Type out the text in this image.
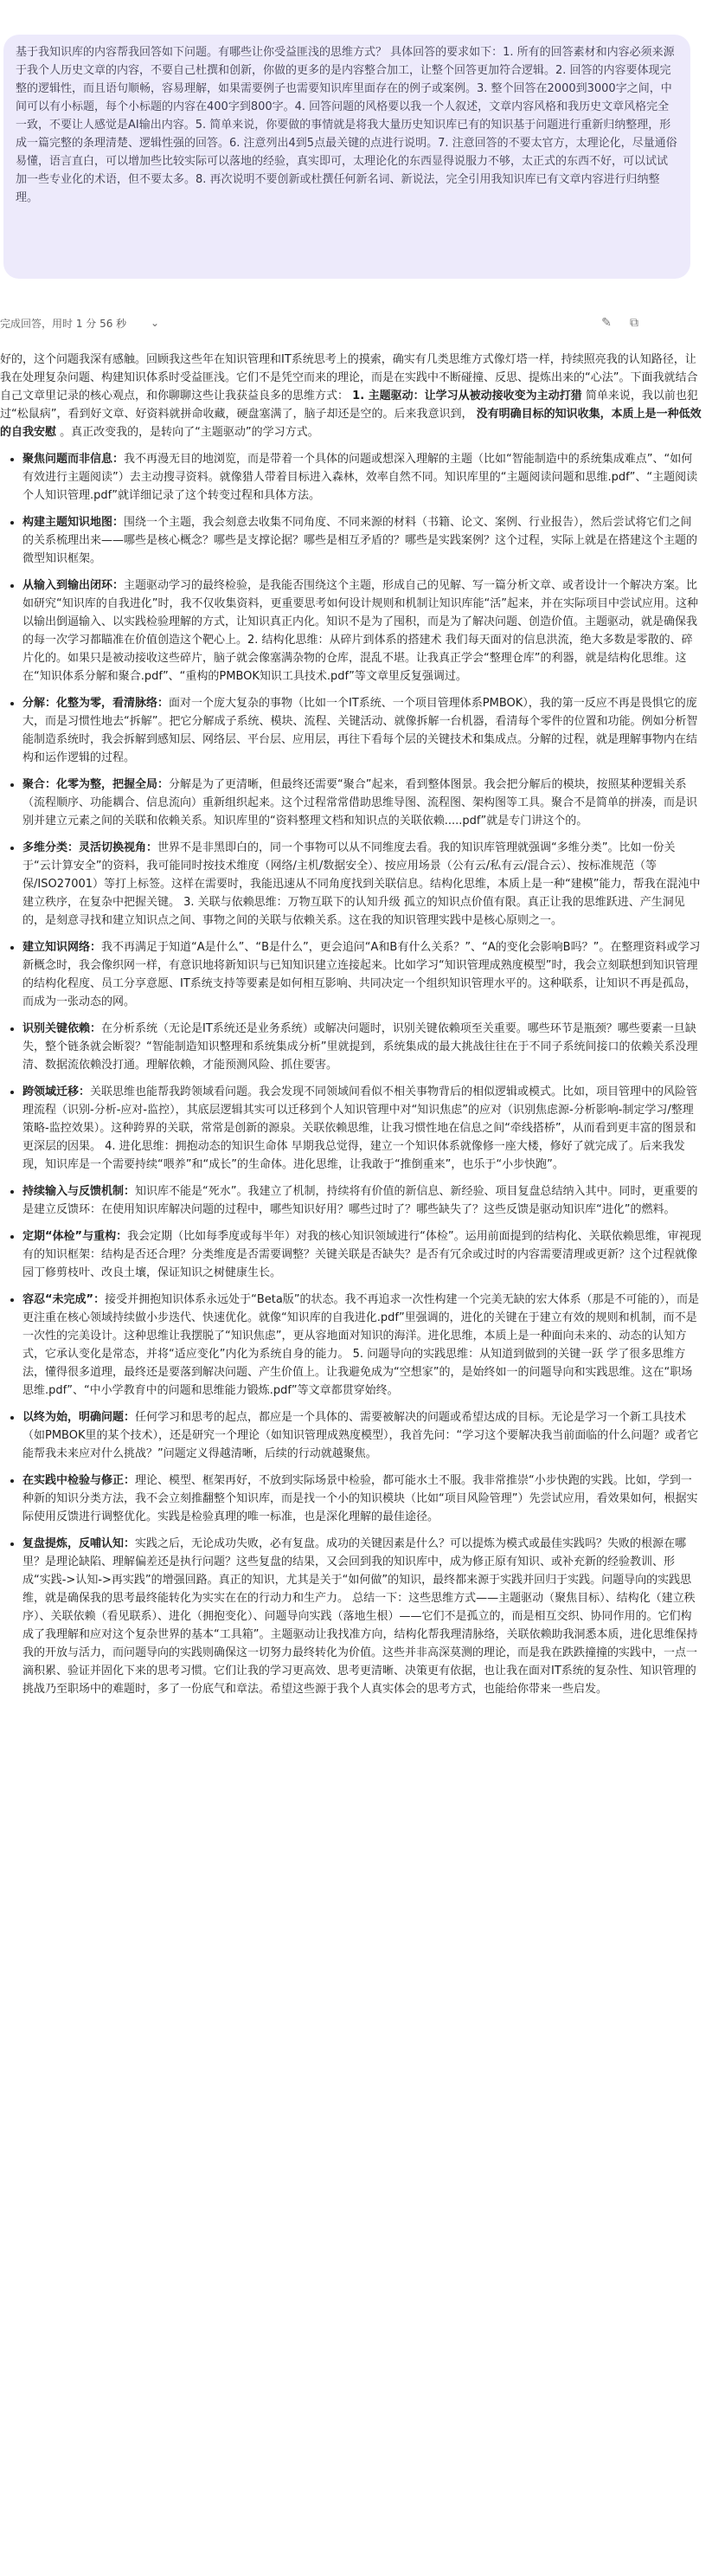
基于我知识库的内容帮我回答如下问题。有哪些让你受益匪浅的思维方式？ 具体回答的要求如下：1. 所有的回答素材和内容必须来源于我个人历史文章的内容，不要自己杜撰和创新，你做的更多的是内容整合加工，让整个回答更加符合逻辑。2. 回答的内容要体现完整的逻辑性，而且语句顺畅，容易理解，如果需要例子也需要知识库里面存在的例子或案例。3. 整个回答在2000到3000字之间，中间可以有小标题，每个小标题的内容在400字到800字。4. 回答问题的风格要以我一个人叙述，文章内容风格和我历史文章风格完全一致，不要让人感觉是AI输出内容。5. 简单来说，你要做的事情就是将我大量历史知识库已有的知识基于问题进行重新归纳整理，形成一篇完整的条理清楚、逻辑性强的回答。6. 注意列出4到5点最关键的点进行说明。7. 注意回答的不要太官方，太理论化，尽量通俗易懂，语言直白，可以增加些比较实际可以落地的经验，真实即可，太理论化的东西显得说服力不够，太正式的东西不好，可以试试加一些专业化的术语，但不要太多。8. 再次说明不要创新或杜撰任何新名词、新说法，完全引用我知识库已有文章内容进行归纳整理。
完成回答，用时 1 分 56 秒 ⌄	✎	⧉

好的，这个问题我深有感触。回顾我这些年在知识管理和IT系统思考上的摸索，确实有几类思维方式像灯塔一样，持续照亮我的认知路径，让我在处理复杂问题、构建知识体系时受益匪浅。它们不是凭空而来的理论，而是在实践中不断碰撞、反思、提炼出来的“心法”。下面我就结合自己文章里记录的核心观点，和你聊聊这些让我获益良多的思维方式： 1. 主题驱动：让学习从被动接收变为主动打猎 简单来说，我以前也犯过“松鼠病”，看到好文章、好资料就拼命收藏，硬盘塞满了，脑子却还是空的。后来我意识到， 没有明确目标的知识收集，本质上是一种低效的自我安慰 。真正改变我的，是转向了“主题驱动”的学习方式。

• 聚焦问题而非信息：我不再漫无目的地浏览，而是带着一个具体的问题或想深入理解的主题（比如“智能制造中的系统集成难点”、“如何有效进行主题阅读”）去主动搜寻资料。就像猎人带着目标进入森林，效率自然不同。知识库里的“主题阅读问题和思维.pdf”、“主题阅读个人知识管理.pdf”就详细记录了这个转变过程和具体方法。
• 构建主题知识地图：围绕一个主题，我会刻意去收集不同角度、不同来源的材料（书籍、论文、案例、行业报告），然后尝试将它们之间的关系梳理出来——哪些是核心概念？哪些是支撑论据？哪些是相互矛盾的？哪些是实践案例？这个过程，实际上就是在搭建这个主题的微型知识框架。
• 从输入到输出闭环：主题驱动学习的最终检验，是我能否围绕这个主题，形成自己的见解、写一篇分析文章、或者设计一个解决方案。比如研究“知识库的自我进化”时，我不仅收集资料，更重要思考如何设计规则和机制让知识库能“活”起来，并在实际项目中尝试应用。这种以输出倒逼输入、以实践检验理解的方式，让知识真正内化。知识不是为了囤积，而是为了解决问题、创造价值。主题驱动，就是确保我的每一次学习都瞄准在价值创造这个靶心上。2. 结构化思维：从碎片到体系的搭建术 我们每天面对的信息洪流，绝大多数是零散的、碎片化的。如果只是被动接收这些碎片，脑子就会像塞满杂物的仓库，混乱不堪。让我真正学会“整理仓库”的利器，就是结构化思维。这在“知识体系分解和聚合.pdf”、“重构的PMBOK知识工具技术.pdf”等文章里反复强调过。
• 分解：化整为零，看清脉络：面对一个庞大复杂的事物（比如一个IT系统、一个项目管理体系PMBOK），我的第一反应不再是畏惧它的庞大，而是习惯性地去“拆解”。把它分解成子系统、模块、流程、关键活动、就像拆解一台机器，看清每个零件的位置和功能。例如分析智能制造系统时，我会拆解到感知层、网络层、平台层、应用层，再往下看每个层的关键技术和集成点。分解的过程，就是理解事物内在结构和运作逻辑的过程。
• 聚合：化零为整，把握全局：分解是为了更清晰，但最终还需要“聚合”起来，看到整体图景。我会把分解后的模块，按照某种逻辑关系（流程顺序、功能耦合、信息流向）重新组织起来。这个过程常常借助思维导图、流程图、架构图等工具。聚合不是简单的拼凑，而是识别并建立元素之间的关联和依赖关系。知识库里的“资料整理文档和知识点的关联依赖.....pdf”就是专门讲这个的。
• 多维分类：灵活切换视角：世界不是非黑即白的，同一个事物可以从不同维度去看。我的知识库管理就强调“多维分类”。比如一份关于“云计算安全”的资料，我可能同时按技术维度（网络/主机/数据安全）、按应用场景（公有云/私有云/混合云）、按标准规范（等保/ISO27001）等打上标签。这样在需要时，我能迅速从不同角度找到关联信息。结构化思维，本质上是一种“建模”能力，帮我在混沌中建立秩序，在复杂中把握关键。 3. 关联与依赖思维：万物互联下的认知升级 孤立的知识点价值有限。真正让我的思维跃进、产生洞见的，是刻意寻找和建立知识点之间、事物之间的关联与依赖关系。这在我的知识管理实践中是核心原则之一。
• 建立知识网络：我不再满足于知道“A是什么”、“B是什么”，更会追问“A和B有什么关系？”、“A的变化会影响B吗？”。在整理资料或学习新概念时，我会像织网一样，有意识地将新知识与已知知识建立连接起来。比如学习“知识管理成熟度模型”时，我会立刻联想到知识管理的结构化程度、员工分享意愿、IT系统支持等要素是如何相互影响、共同决定一个组织知识管理水平的。这种联系，让知识不再是孤岛，而成为一张动态的网。
• 识别关键依赖：在分析系统（无论是IT系统还是业务系统）或解决问题时，识别关键依赖项至关重要。哪些环节是瓶颈？哪些要素一旦缺失，整个链条就会断裂？“智能制造知识整理和系统集成分析”里就提到，系统集成的最大挑战往往在于不同子系统间接口的依赖关系没理清、数据流依赖没打通。理解依赖，才能预测风险、抓住要害。
• 跨领域迁移：关联思维也能帮我跨领域看问题。我会发现不同领域间看似不相关事物背后的相似逻辑或模式。比如，项目管理中的风险管理流程（识别-分析-应对-监控），其底层逻辑其实可以迁移到个人知识管理中对“知识焦虑”的应对（识别焦虑源-分析影响-制定学习/整理策略-监控效果）。这种跨界的关联，常常是创新的源泉。关联依赖思维，让我习惯性地在信息之间“牵线搭桥”，从而看到更丰富的图景和更深层的因果。 4. 进化思维：拥抱动态的知识生命体 早期我总觉得，建立一个知识体系就像修一座大楼，修好了就完成了。后来我发现，知识库是一个需要持续“喂养”和“成长”的生命体。进化思维，让我敢于“推倒重来”，也乐于“小步快跑”。
• 持续输入与反馈机制：知识库不能是“死水”。我建立了机制，持续将有价值的新信息、新经验、项目复盘总结纳入其中。同时，更重要的是建立反馈环：在使用知识库解决问题的过程中，哪些知识好用？哪些过时了？哪些缺失了？这些反馈是驱动知识库“进化”的燃料。
• 定期“体检”与重构：我会定期（比如每季度或每半年）对我的核心知识领域进行“体检”。运用前面提到的结构化、关联依赖思维，审视现有的知识框架：结构是否还合理？分类维度是否需要调整？关键关联是否缺失？是否有冗余或过时的内容需要清理或更新？这个过程就像园丁修剪枝叶、改良土壤，保证知识之树健康生长。
• 容忍“未完成”：接受并拥抱知识体系永远处于“Beta版”的状态。我不再追求一次性构建一个完美无缺的宏大体系（那是不可能的），而是更注重在核心领域持续做小步迭代、快速优化。就像“知识库的自我进化.pdf”里强调的，进化的关键在于建立有效的规则和机制，而不是一次性的完美设计。这种思维让我摆脱了“知识焦虑”，更从容地面对知识的海洋。进化思维，本质上是一种面向未来的、动态的认知方式，它承认变化是常态，并将“适应变化”内化为系统自身的能力。 5. 问题导向的实践思维：从知道到做到的关键一跃 学了很多思维方法，懂得很多道理，最终还是要落到解决问题、产生价值上。让我避免成为“空想家”的，是始终如一的问题导向和实践思维。这在“职场思维.pdf”、“中小学教育中的问题和思维能力锻炼.pdf”等文章都贯穿始终。
• 以终为始，明确问题：任何学习和思考的起点，都应是一个具体的、需要被解决的问题或希望达成的目标。无论是学习一个新工具技术（如PMBOK里的某个技术），还是研究一个理论（如知识管理成熟度模型），我首先问：“学习这个要解决我当前面临的什么问题？或者它能帮我未来应对什么挑战？”问题定义得越清晰，后续的行动就越聚焦。
• 在实践中检验与修正：理论、模型、框架再好，不放到实际场景中检验，都可能水土不服。我非常推崇“小步快跑的实践。比如，学到一种新的知识分类方法，我不会立刻推翻整个知识库，而是找一个小的知识模块（比如“项目风险管理”）先尝试应用，看效果如何，根据实际使用反馈进行调整优化。实践是检验真理的唯一标准，也是深化理解的最佳途径。
• 复盘提炼，反哺认知：实践之后，无论成功失败，必有复盘。成功的关键因素是什么？可以提炼为模式或最佳实践吗？失败的根源在哪里？是理论缺陷、理解偏差还是执行问题？这些复盘的结果，又会回到我的知识库中，成为修正原有知识、或补充新的经验教训、形成“实践->认知->再实践”的增强回路。真正的知识，尤其是关于“如何做”的知识，最终都来源于实践并回归于实践。问题导向的实践思维，就是确保我的思考最终能转化为实实在在的行动力和生产力。 总结一下：这些思维方式——主题驱动（聚焦目标）、结构化（建立秩序）、关联依赖（看见联系）、进化（拥抱变化）、问题导向实践（落地生根）——它们不是孤立的，而是相互交织、协同作用的。它们构成了我理解和应对这个复杂世界的基本“工具箱”。主题驱动让我找准方向，结构化帮我理清脉络，关联依赖助我洞悉本质，进化思维保持我的开放与活力，而问题导向的实践则确保这一切努力最终转化为价值。这些并非高深莫测的理论，而是我在跌跌撞撞的实践中，一点一滴积累、验证并固化下来的思考习惯。它们让我的学习更高效、思考更清晰、决策更有依据，也让我在面对IT系统的复杂性、知识管理的挑战乃至职场中的难题时，多了一份底气和章法。希望这些源于我个人真实体会的思考方式，也能给你带来一些启发。
